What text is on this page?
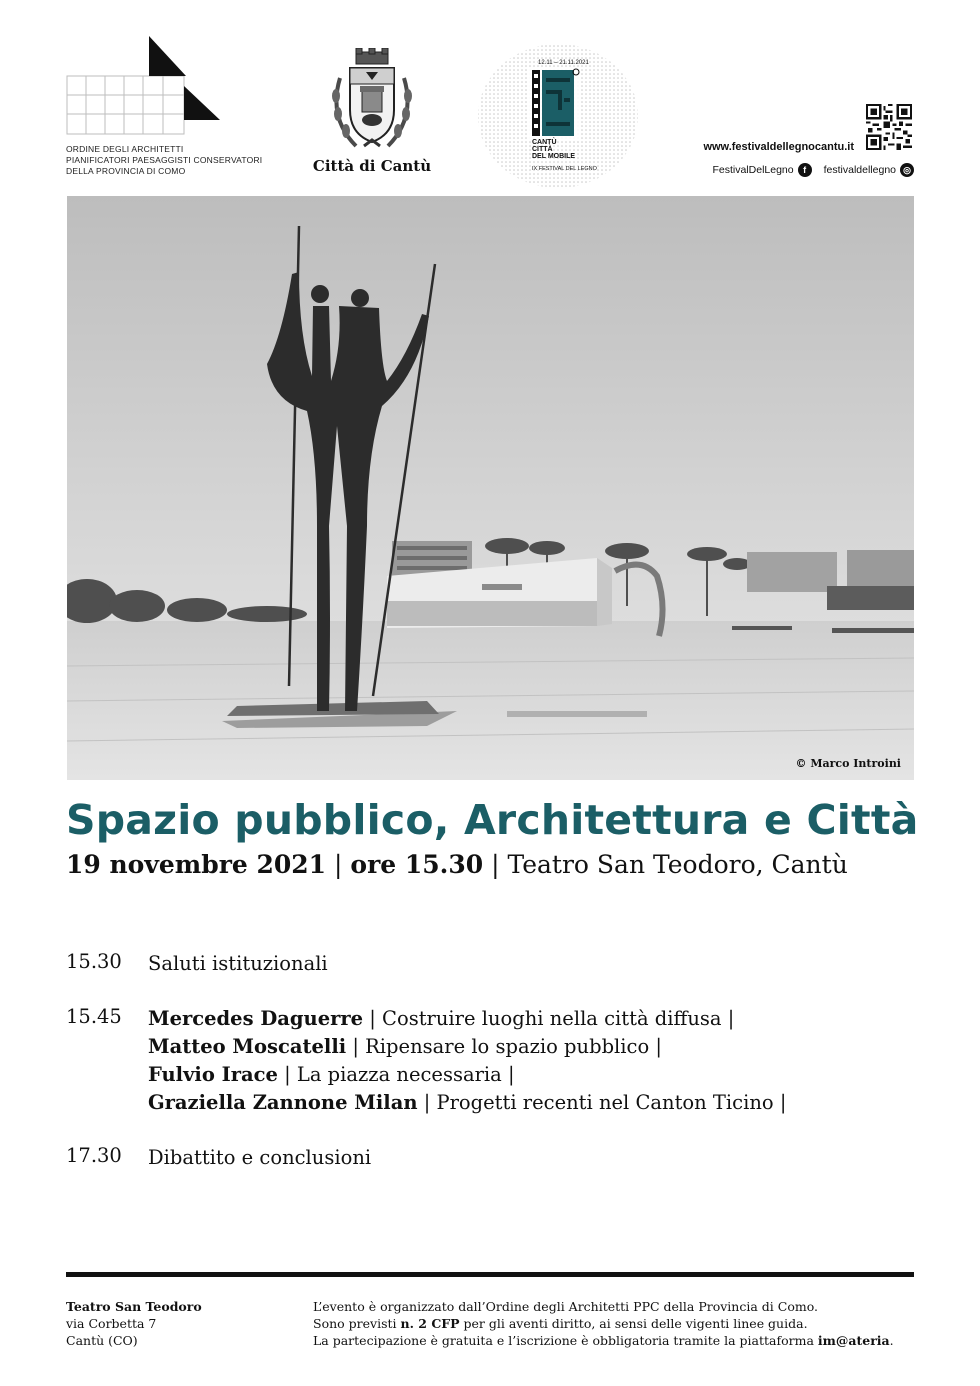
ORDINE DEGLI ARCHITETTI
PIANIFICATORI PAESAGGISTI CONSERVATORI
DELLA PROVINCIA DI COMO	Città di Cantù
12.11 – 21.11.2021
CANTÙ
CITTÀ
DEL MOBILE
IX FESTIVAL DEL LEGNO
www.festivaldellegnocantu.it
FestivalDelLegno	f	festivaldellegno ◎
© Marco Introini
Spazio pubblico, Architettura e Città
19 novembre 2021 | ore 15.30 | Teatro San Teodoro, Cantù
15.30	Saluti istituzionali
15.45	Mercedes Daguerre | Costruire luoghi nella città diffusa |
Matteo Moscatelli | Ripensare lo spazio pubblico |
Fulvio Irace | La piazza necessaria |
Graziella Zannone Milan | Progetti recenti nel Canton Ticino |
17.30	Dibattito e conclusioni
Teatro San Teodoro
via Corbetta 7
Cantù (CO)
L’evento è organizzato dall’Ordine degli Architetti PPC della Provincia di Como.
Sono previsti n. 2 CFP per gli aventi diritto, ai sensi delle vigenti linee guida.
La partecipazione è gratuita e l’iscrizione è obbligatoria tramite la piattaforma im@ateria.
